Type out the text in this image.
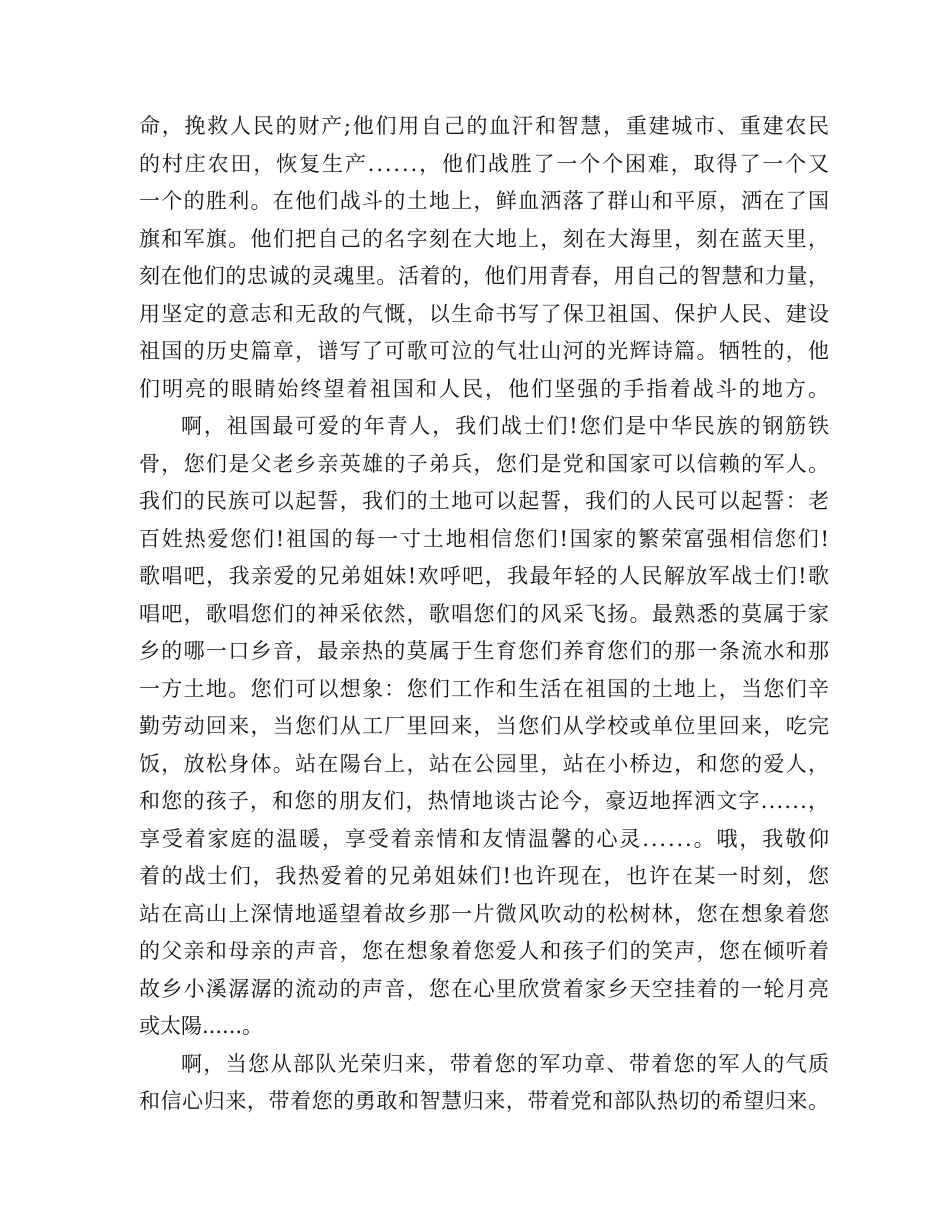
命，挽救人民的财产;他们用自己的血汗和智慧，重建城市、重建农民
的村庄农田，恢复生产......，他们战胜了一个个困难，取得了一个又
一个的胜利。在他们战斗的土地上，鲜血洒落了群山和平原，洒在了国
旗和军旗。他们把自己的名字刻在大地上，刻在大海里，刻在蓝天里，
刻在他们的忠诚的灵魂里。活着的，他们用青春，用自己的智慧和力量，
用坚定的意志和无敌的气慨，以生命书写了保卫祖国、保护人民、建设
祖国的历史篇章，谱写了可歌可泣的气壮山河的光辉诗篇。牺牲的，他
们明亮的眼睛始终望着祖国和人民，他们坚强的手指着战斗的地方。
啊，祖国最可爱的年青人，我们战士们!您们是中华民族的钢筋铁
骨，您们是父老乡亲英雄的子弟兵，您们是党和国家可以信赖的军人。
我们的民族可以起誓，我们的土地可以起誓，我们的人民可以起誓：老
百姓热爱您们!祖国的每一寸土地相信您们!国家的繁荣富强相信您们!
歌唱吧，我亲爱的兄弟姐妹!欢呼吧，我最年轻的人民解放军战士们!歌
唱吧，歌唱您们的神采依然，歌唱您们的风采飞扬。最熟悉的莫属于家
乡的哪一口乡音，最亲热的莫属于生育您们养育您们的那一条流水和那
一方土地。您们可以想象：您们工作和生活在祖国的土地上，当您们辛
勤劳动回来，当您们从工厂里回来，当您们从学校或单位里回来，吃完
饭，放松身体。站在陽台上，站在公园里，站在小桥边，和您的爱人，
和您的孩子，和您的朋友们，热情地谈古论今，豪迈地挥洒文字......，
享受着家庭的温暖，享受着亲情和友情温馨的心灵......。哦，我敬仰
着的战士们，我热爱着的兄弟姐妹们!也许现在，也许在某一时刻，您
站在高山上深情地遥望着故乡那一片微风吹动的松树林，您在想象着您
的父亲和母亲的声音，您在想象着您爱人和孩子们的笑声，您在倾听着
故乡小溪潺潺的流动的声音，您在心里欣赏着家乡天空挂着的一轮月亮
或太陽......。
啊，当您从部队光荣归来，带着您的军功章、带着您的军人的气质
和信心归来，带着您的勇敢和智慧归来，带着党和部队热切的希望归来。
